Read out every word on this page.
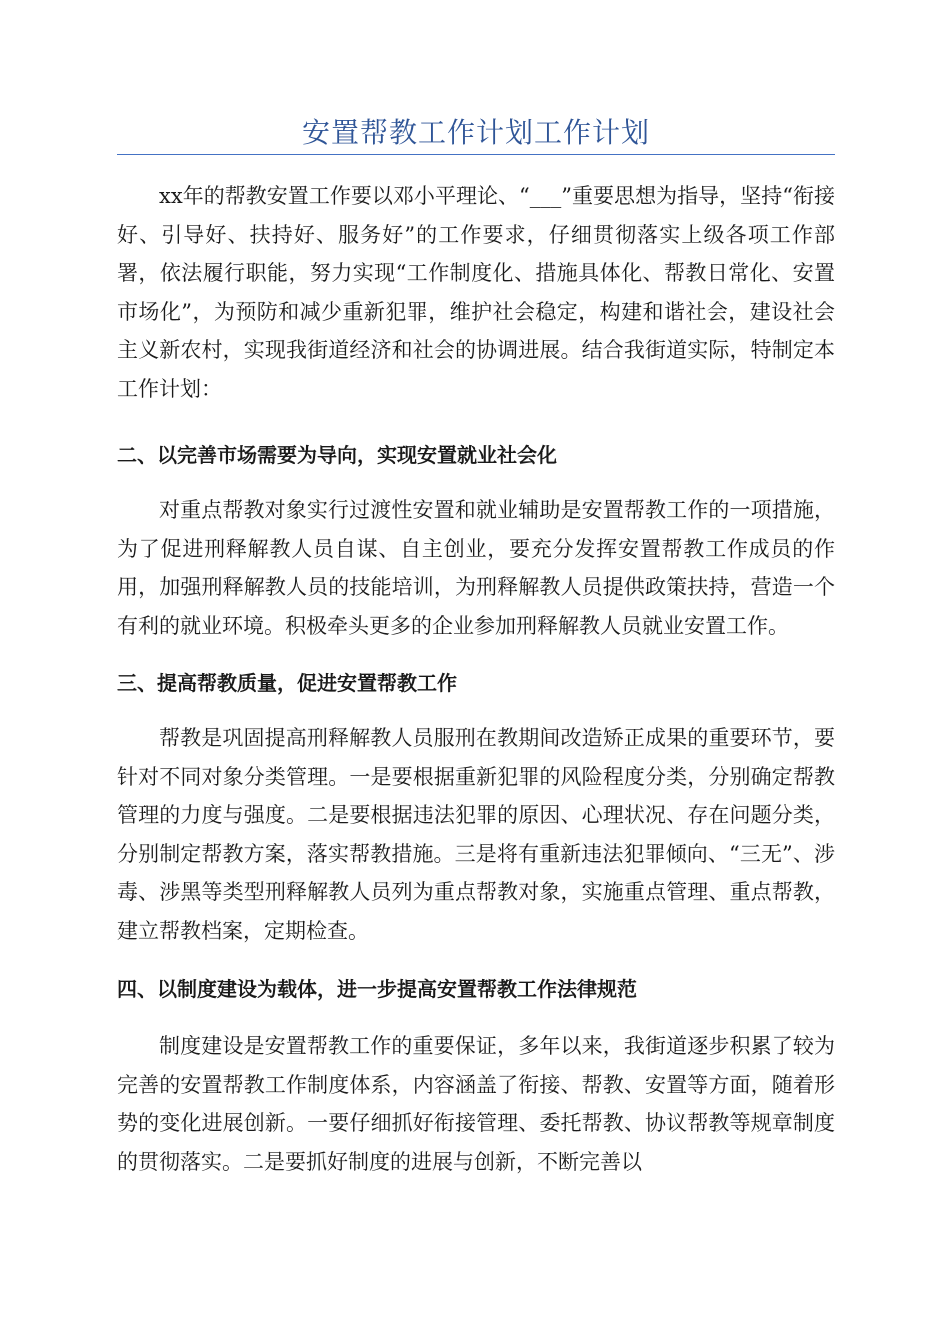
安置帮教工作计划工作计划

xx年的帮教安置工作要以邓小平理论、“___”重要思想为指导，坚持“衔接好、引导好、扶持好、服务好”的工作要求，仔细贯彻落实上级各项工作部署，依法履行职能，努力实现“工作制度化、措施具体化、帮教日常化、安置市场化”，为预防和减少重新犯罪，维护社会稳定，构建和谐社会，建设社会主义新农村，实现我街道经济和社会的协调进展。结合我街道实际，特制定本工作计划：

二、以完善市场需要为导向，实现安置就业社会化

对重点帮教对象实行过渡性安置和就业辅助是安置帮教工作的一项措施，为了促进刑释解教人员自谋、自主创业，要充分发挥安置帮教工作成员的作用，加强刑释解教人员的技能培训，为刑释解教人员提供政策扶持，营造一个有利的就业环境。积极牵头更多的企业参加刑释解教人员就业安置工作。

三、提高帮教质量，促进安置帮教工作

帮教是巩固提高刑释解教人员服刑在教期间改造矫正成果的重要环节，要针对不同对象分类管理。一是要根据重新犯罪的风险程度分类，分别确定帮教管理的力度与强度。二是要根据违法犯罪的原因、心理状况、存在问题分类，分别制定帮教方案，落实帮教措施。三是将有重新违法犯罪倾向、“三无”、涉毒、涉黑等类型刑释解教人员列为重点帮教对象，实施重点管理、重点帮教，建立帮教档案，定期检查。

四、以制度建设为载体，进一步提高安置帮教工作法律规范

制度建设是安置帮教工作的重要保证，多年以来，我街道逐步积累了较为完善的安置帮教工作制度体系，内容涵盖了衔接、帮教、安置等方面，随着形势的变化进展创新。一要仔细抓好衔接管理、委托帮教、协议帮教等规章制度的贯彻落实。二是要抓好制度的进展与创新，不断完善以
